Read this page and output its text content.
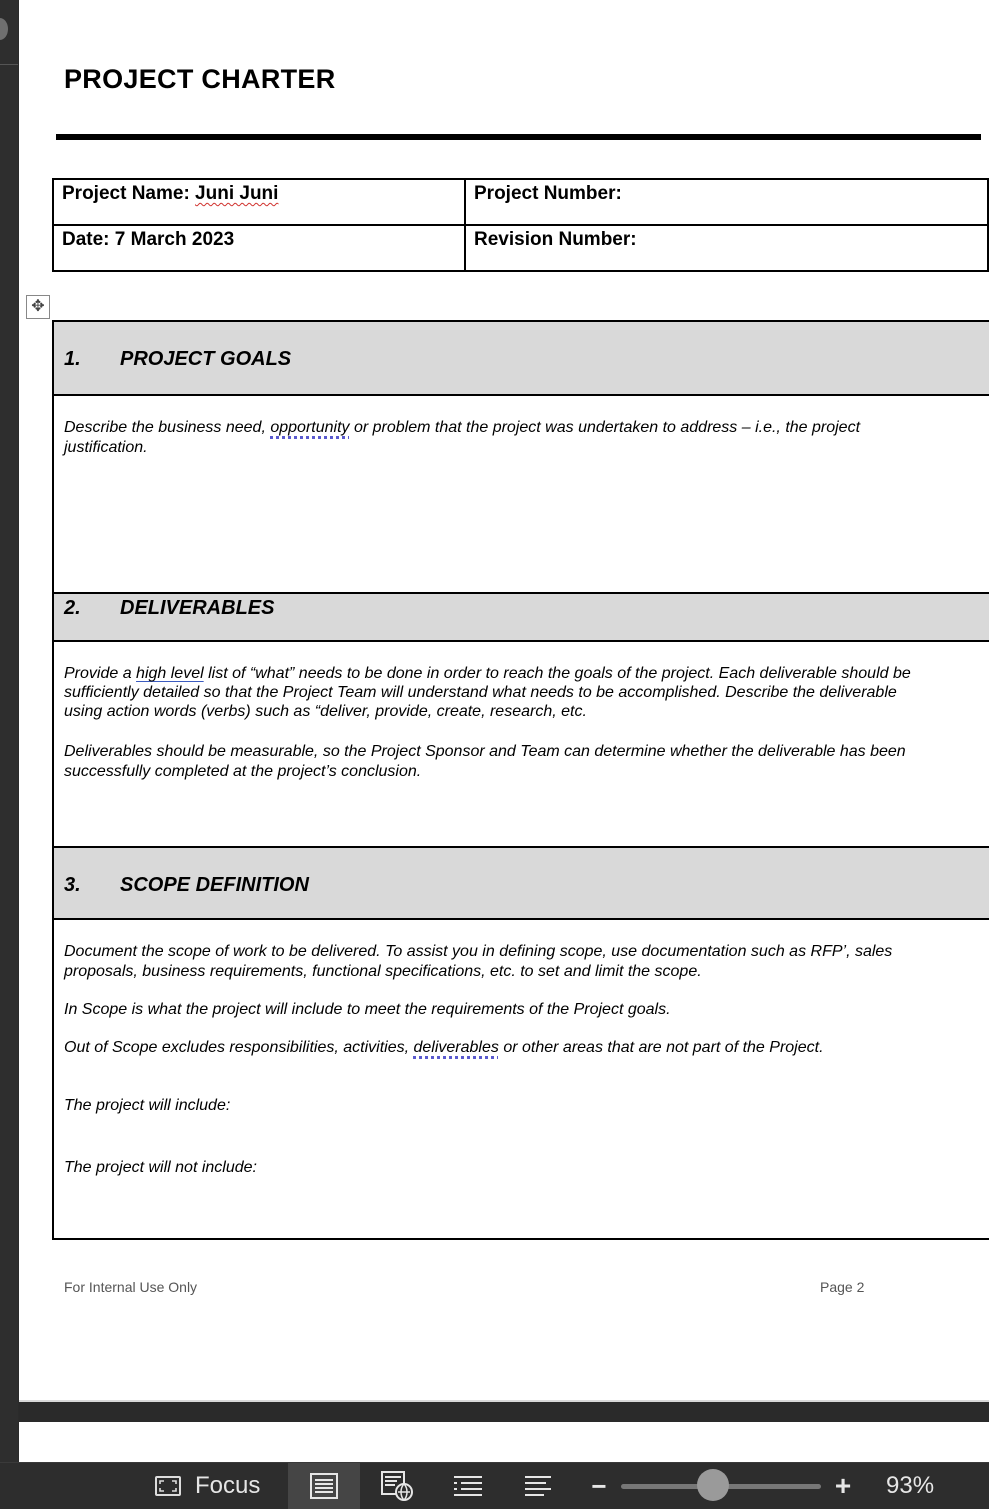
PROJECT CHARTER
Project Name: Juni Juni	Project Number:
Date: 7 March 2023	Revision Number:
✥
1. PROJECT GOALS

Describe the business need, opportunity or problem that the project was undertaken to address – i.e., the project justification.

2. DELIVERABLES

Provide a high level list of “what” needs to be done in order to reach the goals of the project. Each deliverable should be sufficiently detailed so that the Project Team will understand what needs to be accomplished. Describe the deliverable using action words (verbs) such as “deliver, provide, create, research, etc.

Deliverables should be measurable, so the Project Sponsor and Team can determine whether the deliverable has been successfully completed at the project’s conclusion.

3. SCOPE DEFINITION

Document the scope of work to be delivered. To assist you in defining scope, use documentation such as RFP’, sales proposals, business requirements, functional specifications, etc. to set and limit the scope.

In Scope is what the project will include to meet the requirements of the Project goals.

Out of Scope excludes responsibilities, activities, deliverables or other areas that are not part of the Project.

The project will include:

The project will not include:

For Internal Use Only	Page 2
Focus	−	+ 93%
